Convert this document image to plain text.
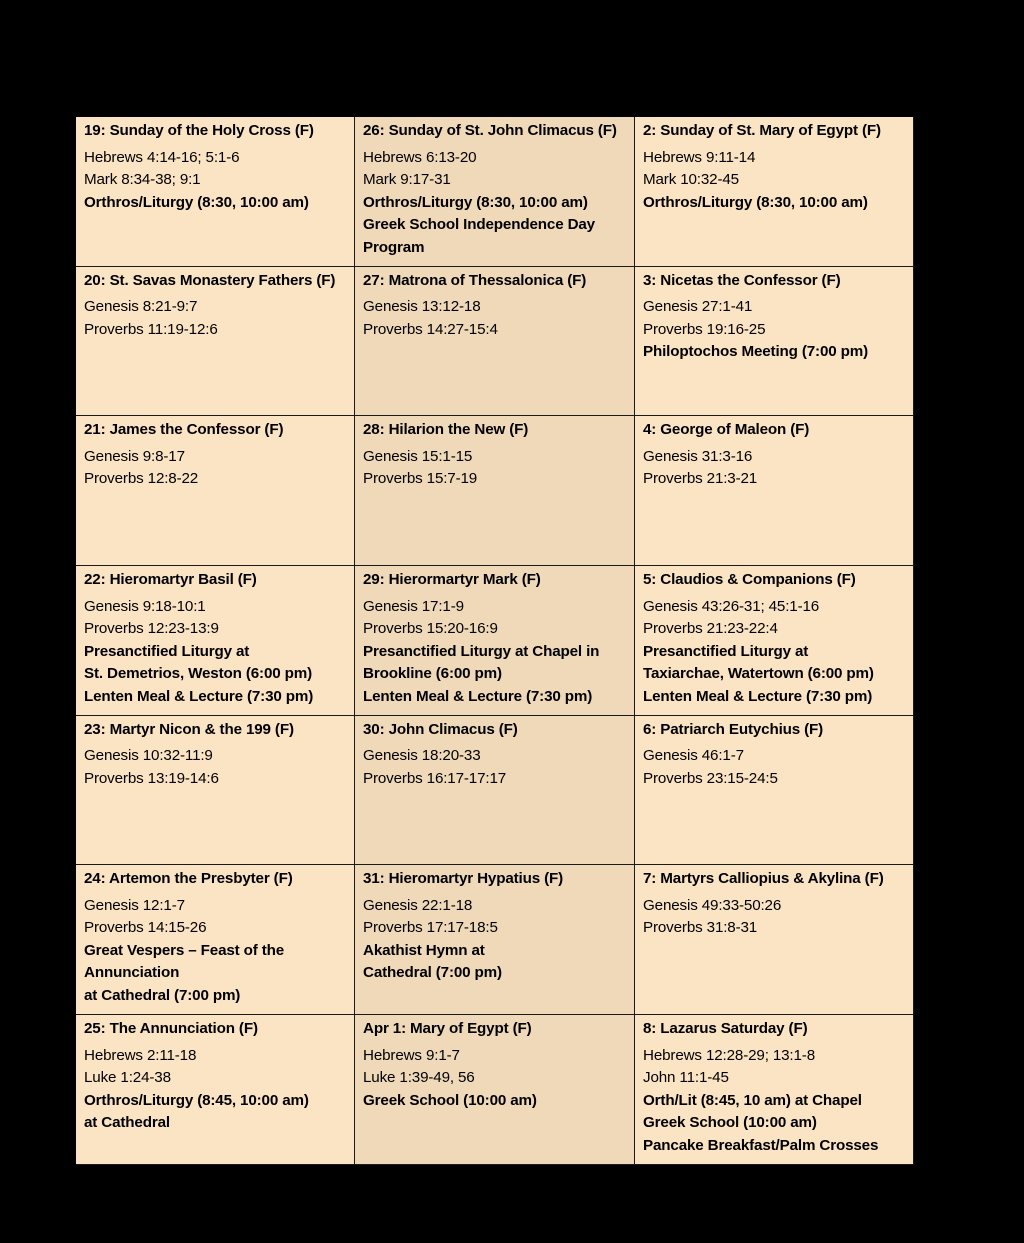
19: Sunday of the Holy Cross (F)
Hebrews 4:14-16; 5:1-6
Mark 8:34-38; 9:1
Orthros/Liturgy (8:30, 10:00 am)
26: Sunday of St. John Climacus (F)
Hebrews 6:13-20
Mark 9:17-31
Orthros/Liturgy (8:30, 10:00 am)
Greek School Independence Day
Program
2: Sunday of St. Mary of Egypt (F)
Hebrews 9:11-14
Mark 10:32-45
Orthros/Liturgy (8:30, 10:00 am)
20: St. Savas Monastery Fathers (F)
Genesis 8:21-9:7
Proverbs 11:19-12:6
27: Matrona of Thessalonica (F)
Genesis 13:12-18
Proverbs 14:27-15:4
3: Nicetas the Confessor (F)
Genesis 27:1-41
Proverbs 19:16-25
Philoptochos Meeting (7:00 pm)
21: James the Confessor (F)
Genesis 9:8-17
Proverbs 12:8-22
28: Hilarion the New (F)
Genesis 15:1-15
Proverbs 15:7-19
4: George of Maleon (F)
Genesis 31:3-16
Proverbs 21:3-21
22: Hieromartyr Basil (F)
Genesis 9:18-10:1
Proverbs 12:23-13:9
Presanctified Liturgy at
St. Demetrios, Weston (6:00 pm)
Lenten Meal & Lecture (7:30 pm)
29: Hierormartyr Mark (F)
Genesis 17:1-9
Proverbs 15:20-16:9
Presanctified Liturgy at Chapel in
Brookline (6:00 pm)
Lenten Meal & Lecture (7:30 pm)
5: Claudios & Companions (F)
Genesis 43:26-31; 45:1-16
Proverbs 21:23-22:4
Presanctified Liturgy at
Taxiarchae, Watertown (6:00 pm)
Lenten Meal & Lecture (7:30 pm)
23: Martyr Nicon & the 199 (F)
Genesis 10:32-11:9
Proverbs 13:19-14:6
30: John Climacus (F)
Genesis 18:20-33
Proverbs 16:17-17:17
6: Patriarch Eutychius (F)
Genesis 46:1-7
Proverbs 23:15-24:5
24: Artemon the Presbyter (F)
Genesis 12:1-7
Proverbs 14:15-26
Great Vespers – Feast of the
Annunciation
at Cathedral (7:00 pm)
31: Hieromartyr Hypatius (F)
Genesis 22:1-18
Proverbs 17:17-18:5
Akathist Hymn at
Cathedral (7:00 pm)
7: Martyrs Calliopius & Akylina (F)
Genesis 49:33-50:26
Proverbs 31:8-31
25: The Annunciation (F)
Hebrews 2:11-18
Luke 1:24-38
Orthros/Liturgy (8:45, 10:00 am)
at Cathedral
Apr 1: Mary of Egypt (F)
Hebrews 9:1-7
Luke 1:39-49, 56
Greek School (10:00 am)
8: Lazarus Saturday (F)
Hebrews 12:28-29; 13:1-8
John 11:1-45
Orth/Lit (8:45, 10 am) at Chapel
Greek School (10:00 am)
Pancake Breakfast/Palm Crosses
